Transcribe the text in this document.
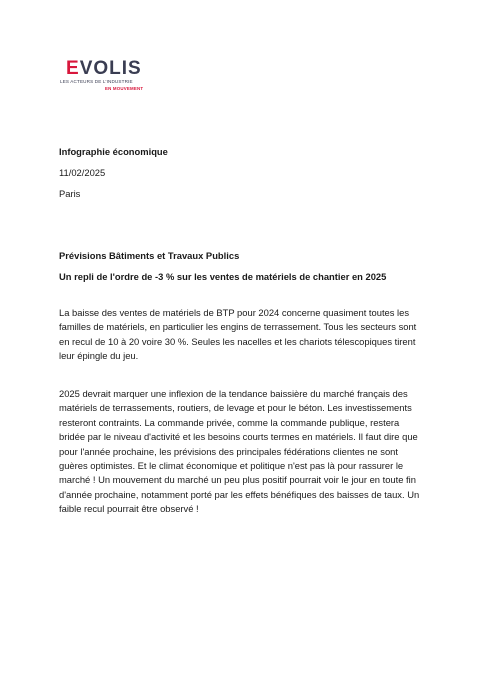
EVOLIS
LES ACTEURS DE L'INDUSTRIE
EN MOUVEMENT
Infographie économique
11/02/2025
Paris
Prévisions Bâtiments et Travaux Publics
Un repli de l'ordre de -3 % sur les ventes de matériels de chantier en 2025
La baisse des ventes de matériels de BTP pour 2024 concerne quasiment toutes les
familles de matériels, en particulier les engins de terrassement. Tous les secteurs sont
en recul de 10 à 20 voire 30 %. Seules les nacelles et les chariots télescopiques tirent
leur épingle du jeu.
2025 devrait marquer une inflexion de la tendance baissière du marché français des
matériels de terrassements, routiers, de levage et pour le béton. Les investissements
resteront contraints. La commande privée, comme la commande publique, restera
bridée par le niveau d'activité et les besoins courts termes en matériels. Il faut dire que
pour l'année prochaine, les prévisions des principales fédérations clientes ne sont
guères optimistes. Et le climat économique et politique n'est pas là pour rassurer le
marché ! Un mouvement du marché un peu plus positif pourrait voir le jour en toute fin
d'année prochaine, notamment porté par les effets bénéfiques des baisses de taux. Un
faible recul pourrait être observé !
